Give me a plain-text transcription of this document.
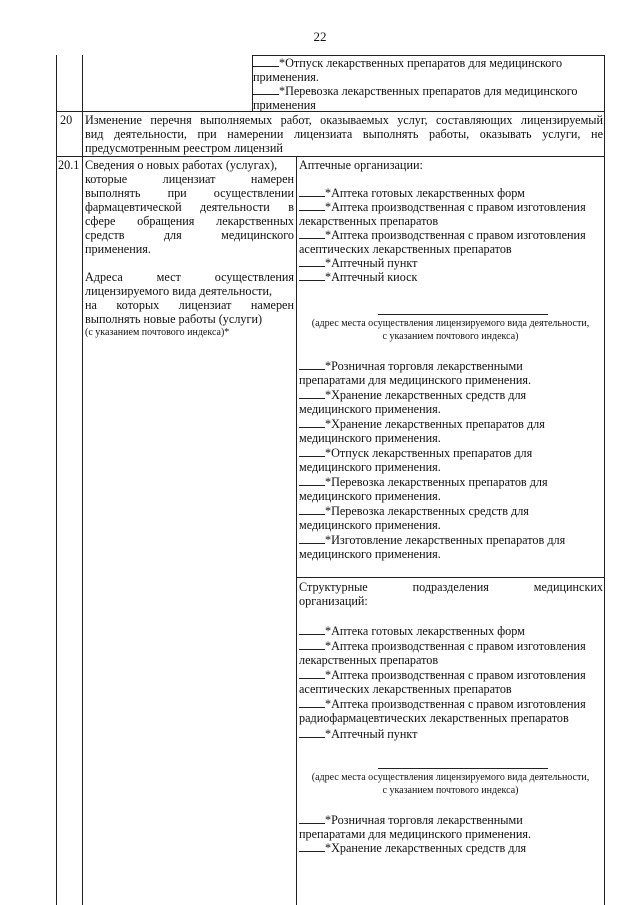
22
*Отпуск лекарственных препаратов для медицинского
применения.
*Перевозка лекарственных препаратов для медицинского
применения
20 Изменение перечня выполняемых работ, оказываемых услуг, составляющих лицензируемый
вид деятельности, при намерении лицензиата выполнять работы, оказывать услуги, не
предусмотренным реестром лицензий
20.1 Сведения о новых работах (услугах),
которые лицензиат намерен
выполнять при осуществлении
фармацевтической деятельности в
сфере обращения лекарственных
средств для медицинского
применения.
Адреса мест осуществления
лицензируемого вида деятельности,
на которых лицензиат намерен
выполнять новые работы (услуги)
(с указанием почтового индекса)*
Аптечные организации:
*Аптека готовых лекарственных форм
*Аптека производственная с правом изготовления
лекарственных препаратов
*Аптека производственная с правом изготовления
асептических лекарственных препаратов
*Аптечный пункт
*Аптечный киоск
(адрес места осуществления лицензируемого вида деятельности,
с указанием почтового индекса)
*Розничная торговля лекарственными
препаратами для медицинского применения.
*Хранение лекарственных средств для
медицинского применения.
*Хранение лекарственных препаратов для
медицинского применения.
*Отпуск лекарственных препаратов для
медицинского применения.
*Перевозка лекарственных препаратов для
медицинского применения.
*Перевозка лекарственных средств для
медицинского применения.
*Изготовление лекарственных препаратов для
медицинского применения.
Структурные подразделения медицинских
организаций:
*Аптека готовых лекарственных форм
*Аптека производственная с правом изготовления
лекарственных препаратов
*Аптека производственная с правом изготовления
асептических лекарственных препаратов
*Аптека производственная с правом изготовления
радиофармацевтических лекарственных препаратов
*Аптечный пункт
(адрес места осуществления лицензируемого вида деятельности,
с указанием почтового индекса)
*Розничная торговля лекарственными
препаратами для медицинского применения.
*Хранение лекарственных средств для
